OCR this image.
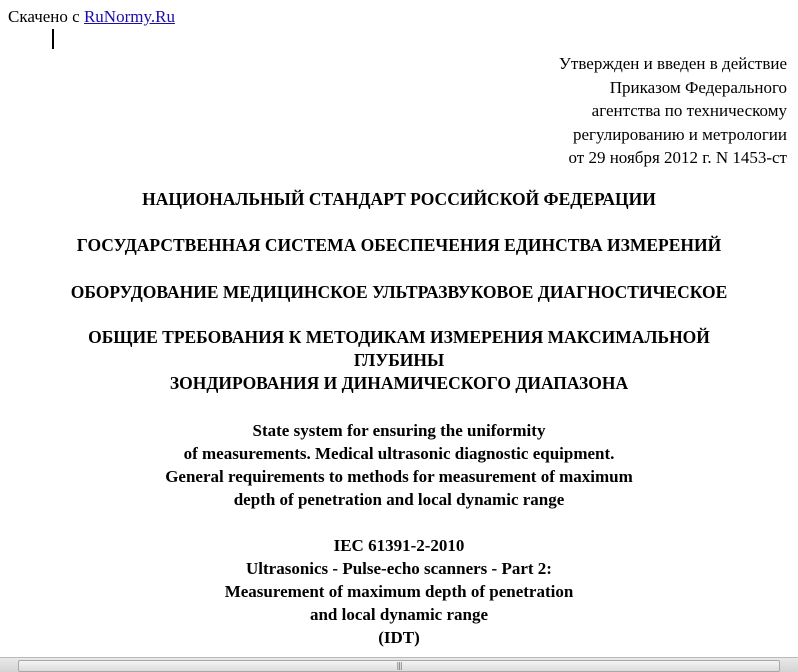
Скачено с RuNormy.Ru
Утвержден и введен в действие
Приказом Федерального
агентства по техническому
регулированию и метрологии
от 29 ноября 2012 г. N 1453-ст
НАЦИОНАЛЬНЫЙ СТАНДАРТ РОССИЙСКОЙ ФЕДЕРАЦИИ
ГОСУДАРСТВЕННАЯ СИСТЕМА ОБЕСПЕЧЕНИЯ ЕДИНСТВА ИЗМЕРЕНИЙ
ОБОРУДОВАНИЕ МЕДИЦИНСКОЕ УЛЬТРАЗВУКОВОЕ ДИАГНОСТИЧЕСКОЕ
ОБЩИЕ ТРЕБОВАНИЯ К МЕТОДИКАМ ИЗМЕРЕНИЯ МАКСИМАЛЬНОЙ
ГЛУБИНЫ
ЗОНДИРОВАНИЯ И ДИНАМИЧЕСКОГО ДИАПАЗОНА
State system for ensuring the uniformity
of measurements. Medical ultrasonic diagnostic equipment.
General requirements to methods for measurement of maximum
depth of penetration and local dynamic range
IEC 61391-2-2010
Ultrasonics - Pulse-echo scanners - Part 2:
Measurement of maximum depth of penetration
and local dynamic range
(IDT)
|||
